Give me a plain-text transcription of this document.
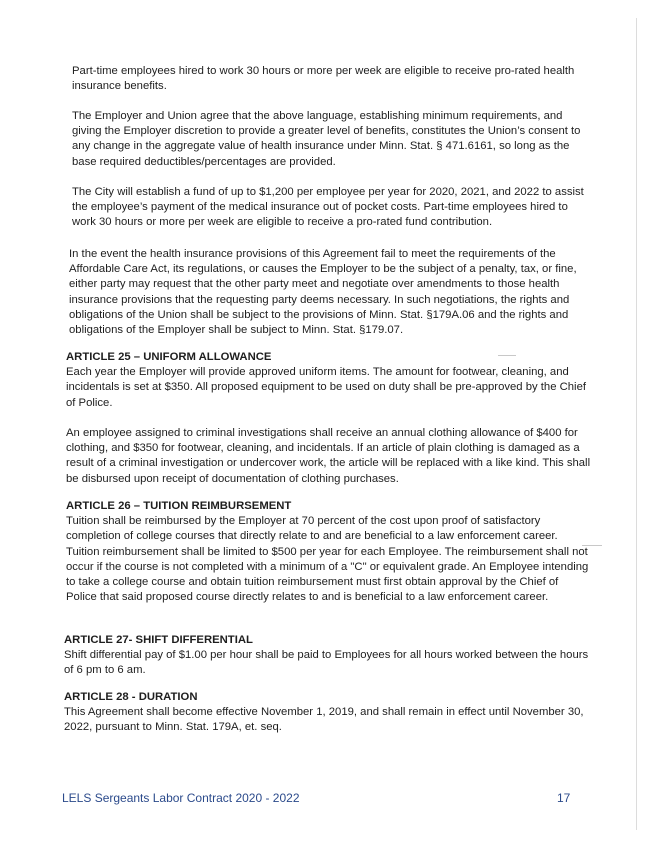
Part-time employees hired to work 30 hours or more per week are eligible to receive pro-rated health insurance benefits.

The Employer and Union agree that the above language, establishing minimum requirements, and giving the Employer discretion to provide a greater level of benefits, constitutes the Union’s consent to any change in the aggregate value of health insurance under Minn. Stat. § 471.6161, so long as the base required deductibles/percentages are provided.

The City will establish a fund of up to $1,200 per employee per year for 2020, 2021, and 2022 to assist the employee’s payment of the medical insurance out of pocket costs. Part-time employees hired to work 30 hours or more per week are eligible to receive a pro-rated fund contribution.

In the event the health insurance provisions of this Agreement fail to meet the requirements of the Affordable Care Act, its regulations, or causes the Employer to be the subject of a penalty, tax, or fine, either party may request that the other party meet and negotiate over amendments to those health insurance provisions that the requesting party deems necessary. In such negotiations, the rights and obligations of the Union shall be subject to the provisions of Minn. Stat. §179A.06 and the rights and obligations of the Employer shall be subject to Minn. Stat. §179.07.

ARTICLE 25 – UNIFORM ALLOWANCE

Each year the Employer will provide approved uniform items. The amount for footwear, cleaning, and incidentals is set at $350. All proposed equipment to be used on duty shall be pre-approved by the Chief of Police.

An employee assigned to criminal investigations shall receive an annual clothing allowance of $400 for clothing, and $350 for footwear, cleaning, and incidentals. If an article of plain clothing is damaged as a result of a criminal investigation or undercover work, the article will be replaced with a like kind. This shall be disbursed upon receipt of documentation of clothing purchases.

ARTICLE 26 – TUITION REIMBURSEMENT

Tuition shall be reimbursed by the Employer at 70 percent of the cost upon proof of satisfactory completion of college courses that directly relate to and are beneficial to a law enforcement career. Tuition reimbursement shall be limited to $500 per year for each Employee. The reimbursement shall not occur if the course is not completed with a minimum of a "C" or equivalent grade. An Employee intending to take a college course and obtain tuition reimbursement must first obtain approval by the Chief of Police that said proposed course directly relates to and is beneficial to a law enforcement career.

ARTICLE 27- SHIFT DIFFERENTIAL

Shift differential pay of $1.00 per hour shall be paid to Employees for all hours worked between the hours of 6 pm to 6 am.

ARTICLE 28 - DURATION

This Agreement shall become effective November 1, 2019, and shall remain in effect until November 30, 2022, pursuant to Minn. Stat. 179A, et. seq.

LELS Sergeants Labor Contract 2020 - 2022	17
